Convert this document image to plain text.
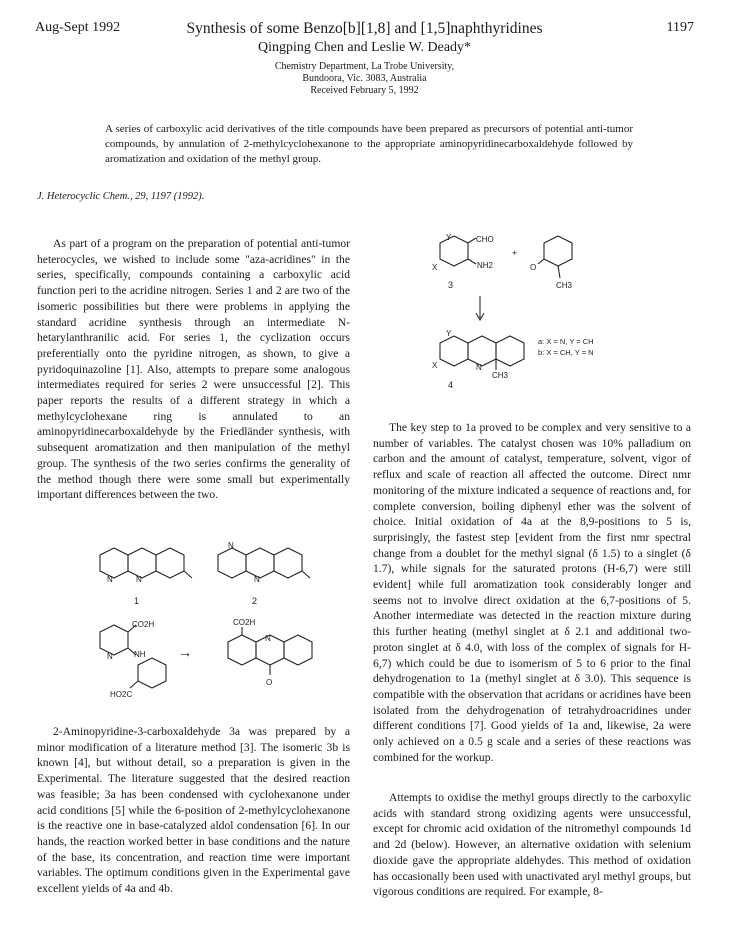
Aug-Sept 1992	Synthesis of some Benzo[b][1,8] and [1,5]naphthyridines	1197
Qingping Chen and Leslie W. Deady*
Chemistry Department, La Trobe University,
Bundoora, Vic. 3083, Australia
Received February 5, 1992
A series of carboxylic acid derivatives of the title compounds have been prepared as precursors of potential anti-tumor compounds, by annulation of 2-methylcyclohexanone to the appropriate aminopyridinecarboxaldehyde followed by aromatization and oxidation of the methyl group.
J. Heterocyclic Chem., 29, 1197 (1992).

As part of a program on the preparation of potential anti-tumor heterocycles, we wished to include some "aza-acridines" in the series, specifically, compounds containing a carboxylic acid function peri to the acridine nitrogen. Series 1 and 2 are two of the isomeric possibilities but there were problems in applying the standard acridine synthesis through an intermediate N-hetarylanthranilic acid. For series 1, the cyclization occurs preferentially onto the pyridine nitrogen, as shown, to give a pyridoquinazoline [1]. Also, attempts to prepare some analogous intermediates required for series 2 were unsuccessful [2]. This paper reports the results of a different strategy in which a methylcyclohexane ring is annulated to an aminopyridinecarboxaldehyde by the Friedländer synthesis, with subsequent aromatization and then manipulation of the methyl group. The synthesis of the two series confirms the generality of the method though there were some small but experimentally important differences between the two.

2-Aminopyridine-3-carboxaldehyde 3a was prepared by a minor modification of a literature method [3]. The isomeric 3b is known [4], but without detail, so a preparation is given in the Experimental. The literature suggested that the desired reaction was feasible; 3a has been condensed with cyclohexanone under acid conditions [5] while the 6-position of 2-methylcyclohexanone is the reactive one in base-catalyzed aldol condensation [6]. In our hands, the reaction worked better in base conditions and the nature of the base, its concentration, and reaction time were important variables. The optimum conditions given in the Experimental gave excellent yields of 4a and 4b.

The key step to 1a proved to be complex and very sensitive to a number of variables. The catalyst chosen was 10% palladium on carbon and the amount of catalyst, temperature, solvent, vigor of reflux and scale of reaction all affected the outcome. Direct nmr monitoring of the mixture indicated a sequence of reactions and, for complete conversion, boiling diphenyl ether was the solvent of choice. Initial oxidation of 4a at the 8,9-positions to 5 is, surprisingly, the fastest step [evident from the first nmr spectral change from a doublet for the methyl signal (δ 1.5) to a singlet (δ 1.7), while signals for the saturated protons (H-6,7) were still evident] while full aromatization took considerably longer and seems not to involve direct oxidation at the 6,7-positions of 5. Another intermediate was detected in the reaction mixture during this further heating (methyl singlet at δ 2.1 and additional two-proton singlet at δ 4.0, with loss of the complex of signals for H-6,7) which could be due to isomerism of 5 to 6 prior to the final dehydrogenation to 1a (methyl singlet at δ 3.0). This sequence is compatible with the observation that acridans or acridines have been isolated from the dehydrogenation of tetrahydroacridines under different conditions [7]. Good yields of 1a and, likewise, 2a were only achieved on a 0.5 g scale and a series of these reactions was combined for the workup.

Attempts to oxidise the methyl groups directly to the carboxylic acids with standard strong oxidizing agents were unsuccessful, except for chromic acid oxidation of the nitromethyl compounds 1d and 2d (below). However, an alternative oxidation with selenium dioxide gave the appropriate aldehydes. This method of oxidation has occasionally been used with unactivated aryl methyl groups, but vigorous conditions are required. For example, 8-

N	N
1
N
N
2
CO2H
NH
N
HO2C
→
CO2H
N
O
Y
X
CHO
NH2
3
+
O
CH3
Y
X	N
CH3
4
a: X = N, Y = CH
b: X = CH, Y = N
